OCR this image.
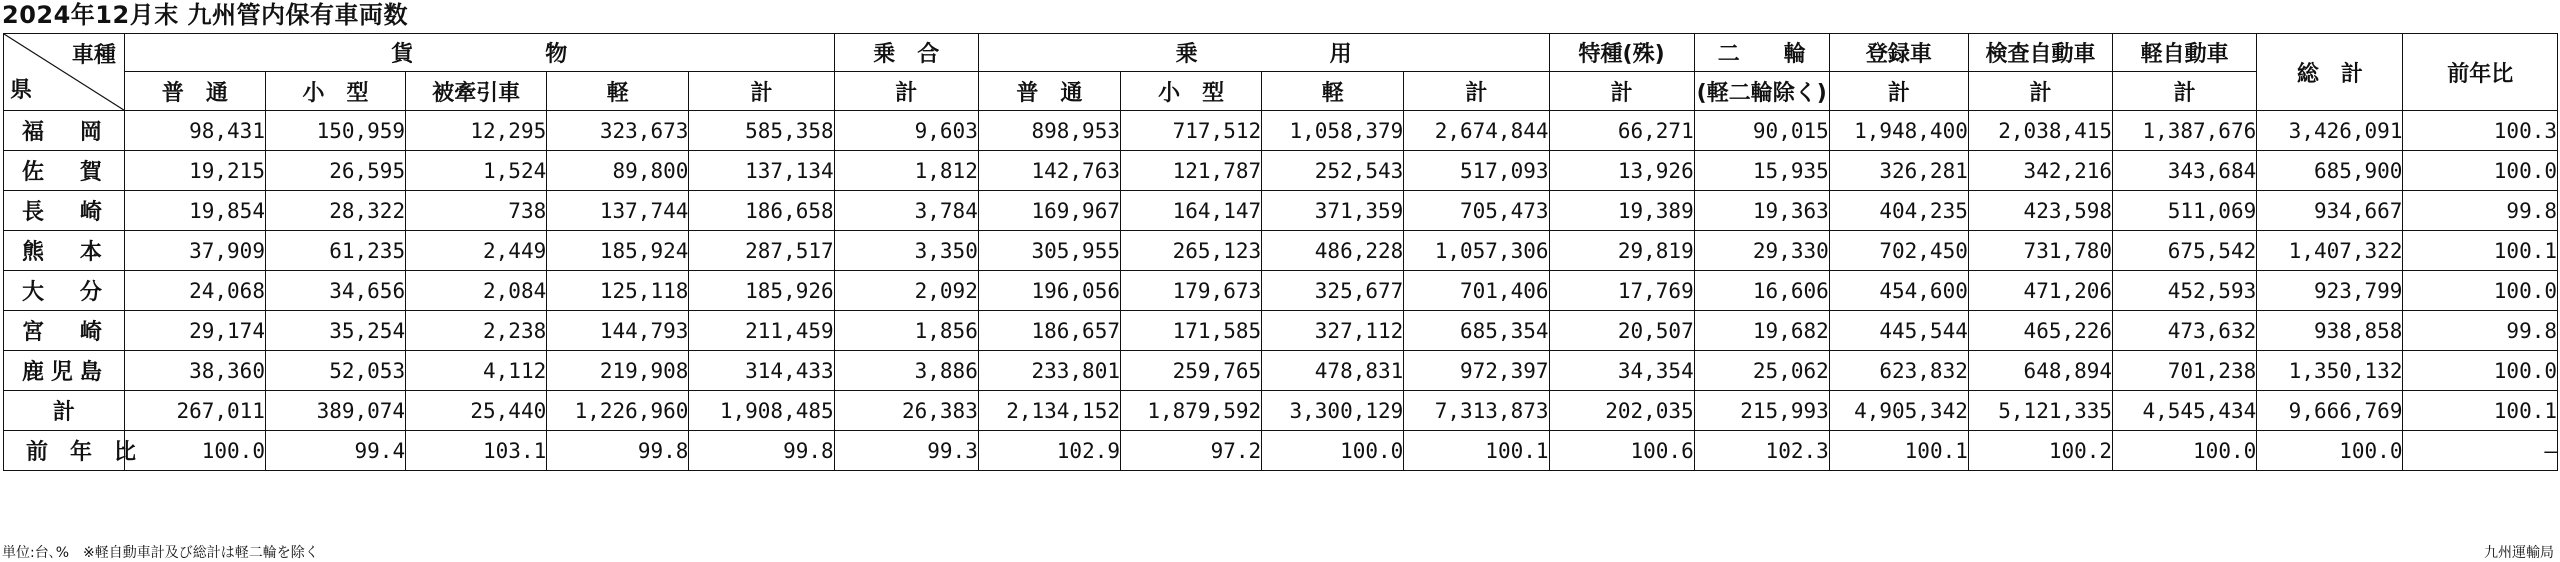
2024年12月末 九州管内保有車両数
車種
県	貨　　　　　　物					乗　合	乗　　　　　　用				特種(殊)	二　　輪	登録車	検査自動車	軽自動車	総　計	前年比
	普　通	小　型	被牽引車	軽	計	計	普　通	小　型	軽	計	計	(軽二輪除く)	計	計	計		

福岡	98,431	150,959	12,295	323,673	585,358	9,603	898,953	717,512	1,058,379	2,674,844	66,271	90,015	1,948,400	2,038,415	1,387,676	3,426,091	100.3

佐賀	19,215	26,595	1,524	89,800	137,134	1,812	142,763	121,787	252,543	517,093	13,926	15,935	326,281	342,216	343,684	685,900	100.0

長崎	19,854	28,322	738	137,744	186,658	3,784	169,967	164,147	371,359	705,473	19,389	19,363	404,235	423,598	511,069	934,667	99.8

熊本	37,909	61,235	2,449	185,924	287,517	3,350	305,955	265,123	486,228	1,057,306	29,819	29,330	702,450	731,780	675,542	1,407,322	100.1

大分	24,068	34,656	2,084	125,118	185,926	2,092	196,056	179,673	325,677	701,406	17,769	16,606	454,600	471,206	452,593	923,799	100.0

宮崎	29,174	35,254	2,238	144,793	211,459	1,856	186,657	171,585	327,112	685,354	20,507	19,682	445,544	465,226	473,632	938,858	99.8

鹿児島	38,360	52,053	4,112	219,908	314,433	3,886	233,801	259,765	478,831	972,397	34,354	25,062	623,832	648,894	701,238	1,350,132	100.0

計	267,011	389,074	25,440	1,226,960	1,908,485	26,383	2,134,152	1,879,592	3,300,129	7,313,873	202,035	215,993	4,905,342	5,121,335	4,545,434	9,666,769	100.1

前年比	100.0	99.4	103.1	99.8	99.8	99.3	102.9	97.2	100.0	100.1	100.6	102.3	100.1	100.2	100.0	100.0	—
単位:台､%　※軽自動車計及び総計は軽二輪を除く	九州運輸局
